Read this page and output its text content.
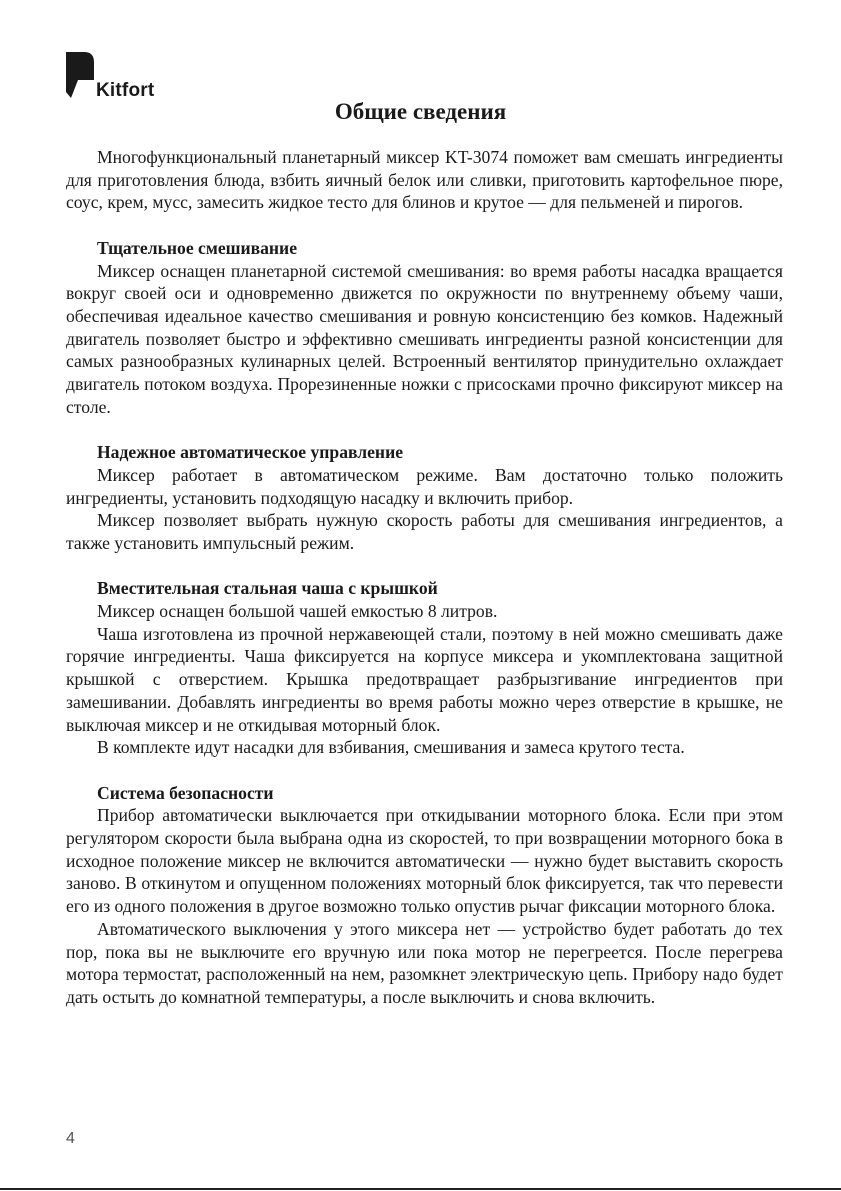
Kitfort
Общие сведения

Многофункциональный планетарный миксер KT-3074 поможет вам смешать ингредиенты для приготовления блюда, взбить яичный белок или сливки, приготовить картофельное пюре, соус, крем, мусс, замесить жидкое тесто для блинов и крутое — для пельменей и пирогов.

Тщательное смешивание

Миксер оснащен планетарной системой смешивания: во время работы насадка вращается вокруг своей оси и одновременно движется по окружности по внутреннему объему чаши, обеспечивая идеальное качество смешивания и ровную консистенцию без комков. Надежный двигатель позволяет быстро и эффективно смешивать ингредиенты разной консистенции для самых разнообразных кулинарных целей. Встроенный вентилятор принудительно охлаждает двигатель потоком воздуха. Прорезиненные ножки с присосками прочно фиксируют миксер на столе.

Надежное автоматическое управление

Миксер работает в автоматическом режиме. Вам достаточно только положить ингредиенты, установить подходящую насадку и включить прибор.

Миксер позволяет выбрать нужную скорость работы для смешивания ингредиентов, а также установить импульсный режим.

Вместительная стальная чаша с крышкой

Миксер оснащен большой чашей емкостью 8 литров.

Чаша изготовлена из прочной нержавеющей стали, поэтому в ней можно смешивать даже горячие ингредиенты. Чаша фиксируется на корпусе миксера и укомплектована защитной крышкой с отверстием. Крышка предотвращает разбрызгивание ингредиентов при замешивании. Добавлять ингредиенты во время работы можно через отверстие в крышке, не выключая миксер и не откидывая моторный блок.

В комплекте идут насадки для взбивания, смешивания и замеса крутого теста.

Система безопасности

Прибор автоматически выключается при откидывании моторного блока. Если при этом регулятором скорости была выбрана одна из скоростей, то при возвращении моторного бока в исходное положение миксер не включится автоматически — нужно будет выставить скорость заново. В откинутом и опущенном положениях моторный блок фиксируется, так что перевести его из одного положения в другое возможно только опустив рычаг фиксации моторного блока.

Автоматического выключения у этого миксера нет — устройство будет работать до тех пор, пока вы не выключите его вручную или пока мотор не перегреется. После перегрева мотора термостат, расположенный на нем, разомкнет электрическую цепь. Прибору надо будет дать остыть до комнатной температуры, а после выключить и снова включить.

4
